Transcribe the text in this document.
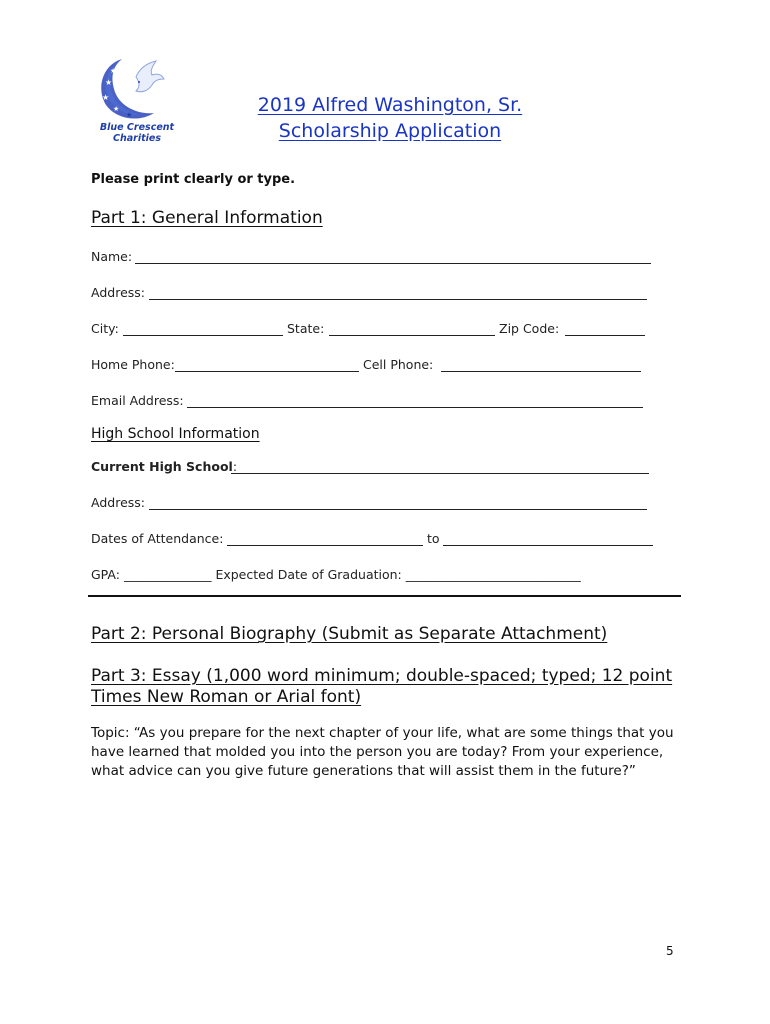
★
★
★
★
★
Blue Crescent
Charities
2019 Alfred Washington, Sr.
Scholarship Application
Please print clearly or type.
Part 1: General Information
Name:
Address:
City:	State:	Zip Code:
Home Phone:	Cell Phone:
Email Address:
High School Information
Current High School:
Address:
Dates of Attendance:	to
GPA: ______________ Expected Date of Graduation: ____________________________
Part 2: Personal Biography (Submit as Separate Attachment)
Part 3: Essay (1,000 word minimum; double-spaced; typed; 12 point
Times New Roman or Arial font)
Topic: “As you prepare for the next chapter of your life, what are some things that you have learned that molded you into the person you are today? From your experience, what advice can you give future generations that will assist them in the future?”
5
